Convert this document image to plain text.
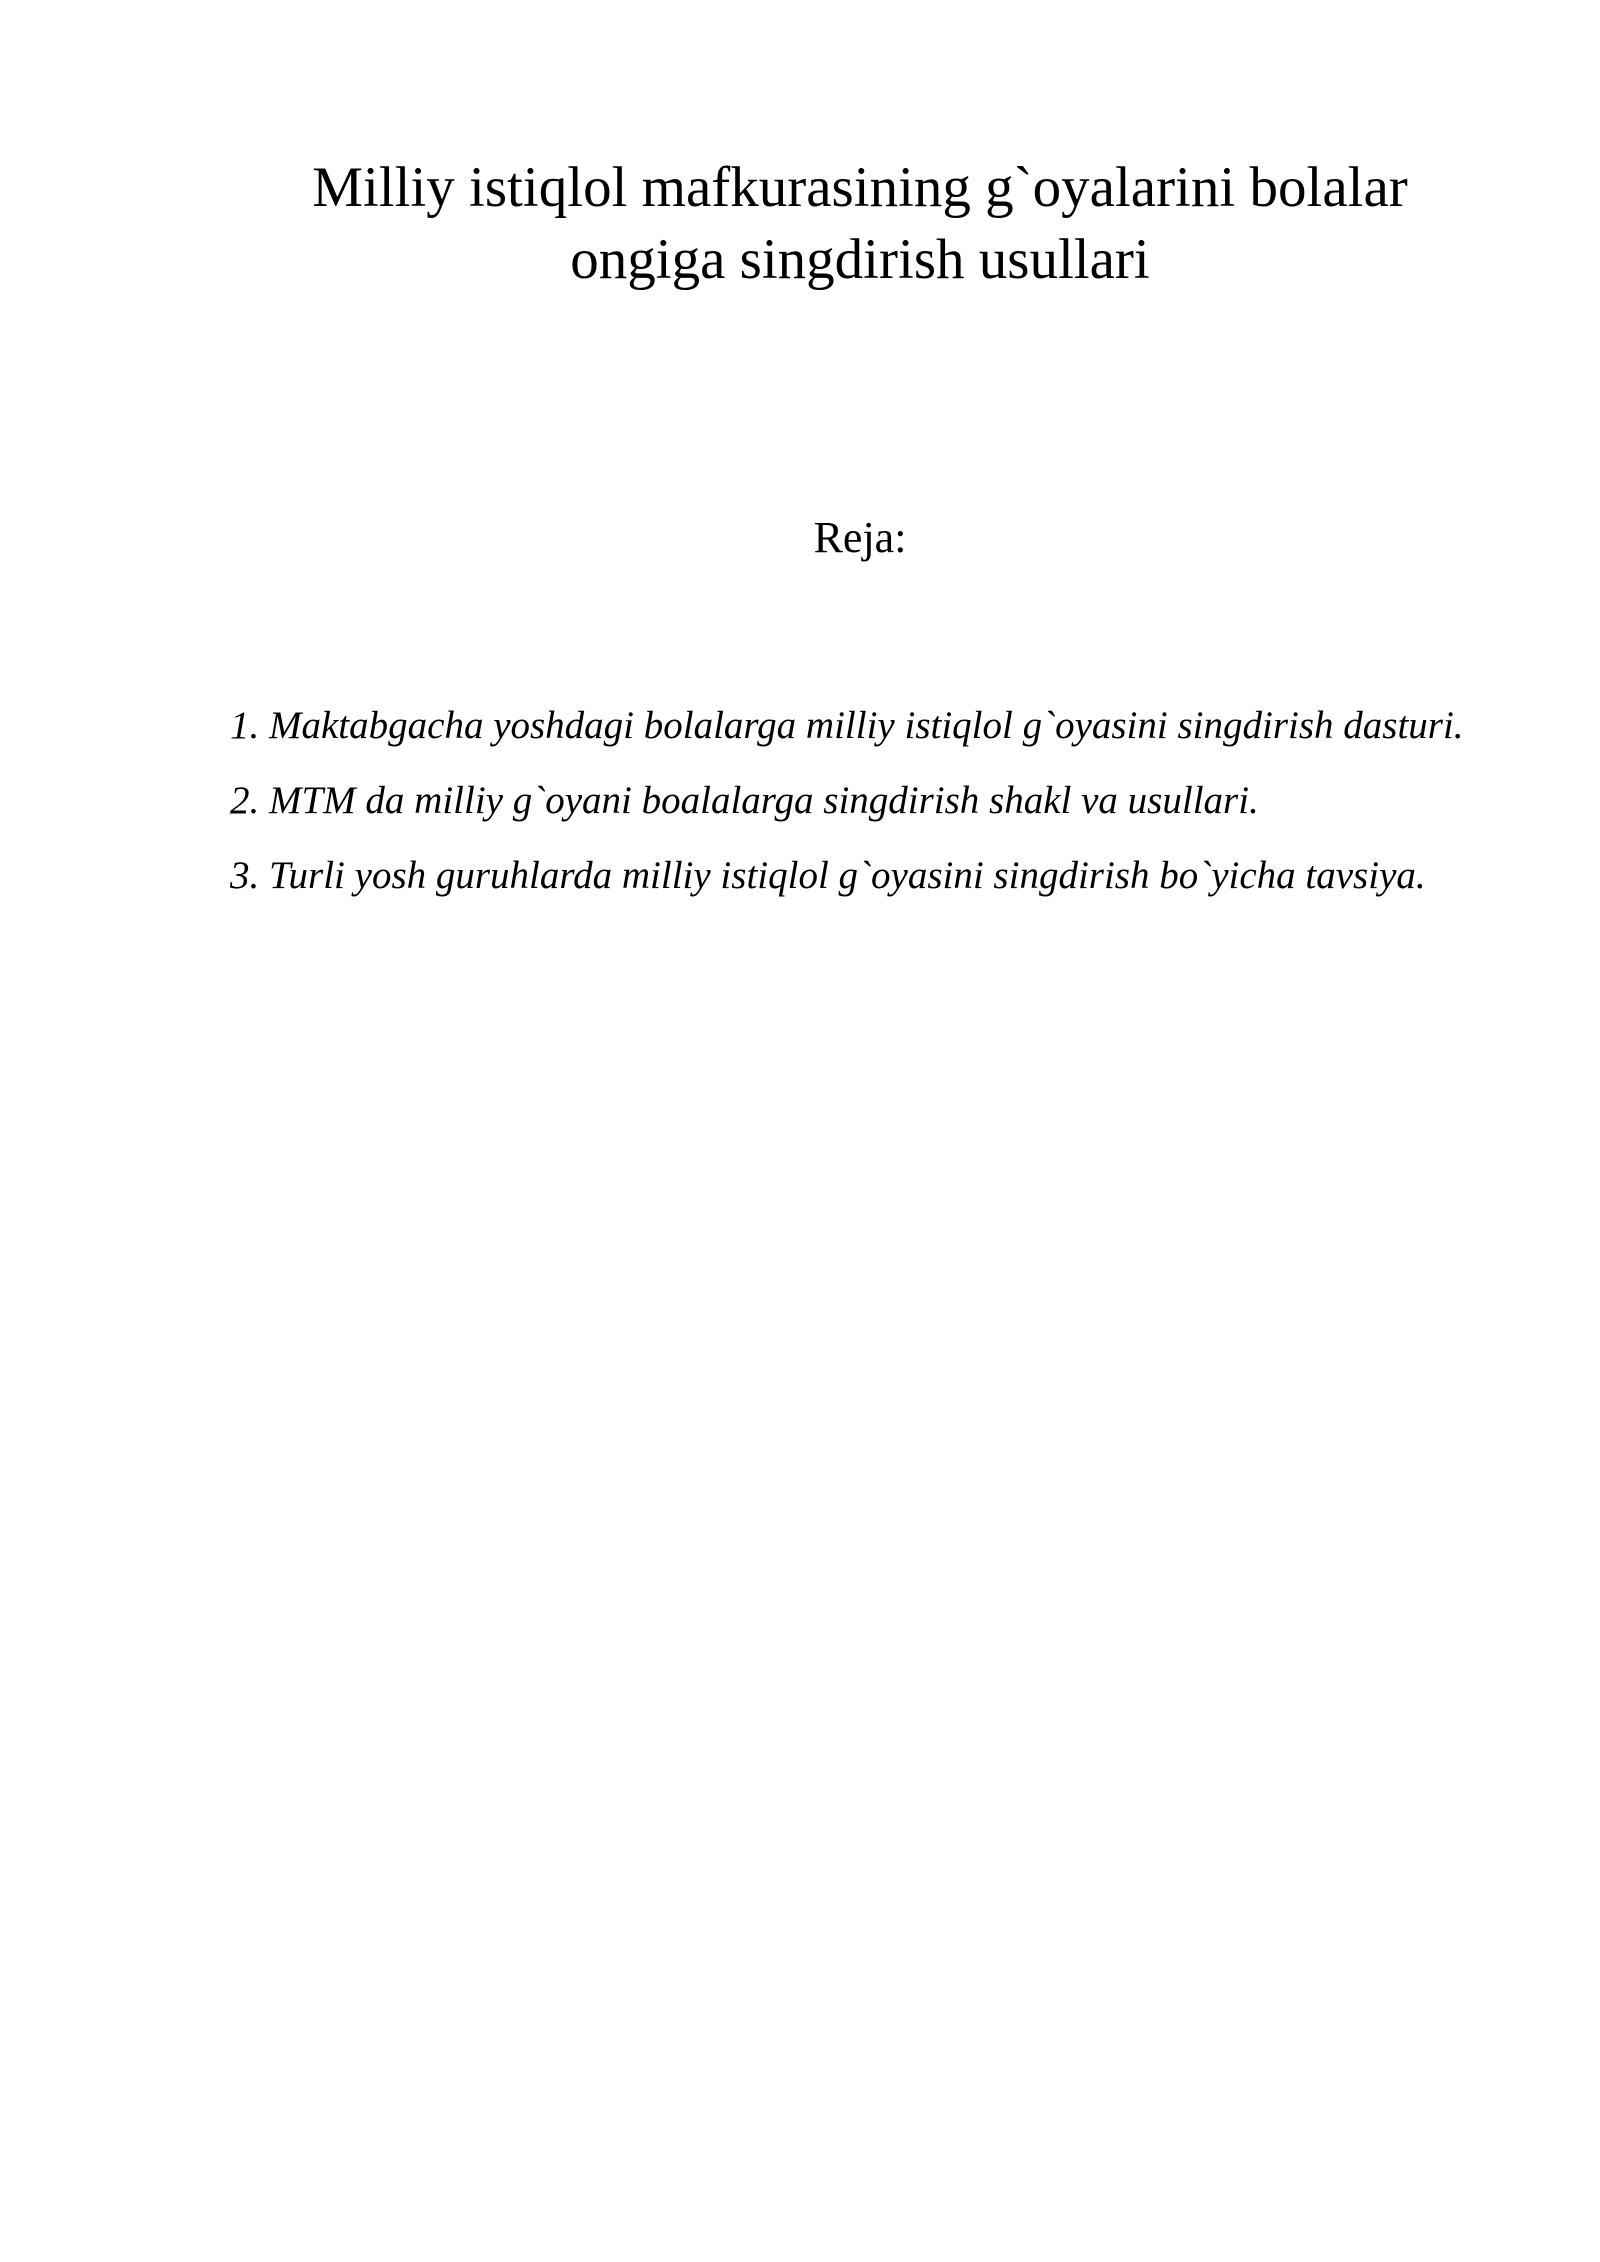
Milliy istiqlol mafkurasining g`oyalarini bolalar
ongiga singdirish usullari

Reja:

1. Maktabgacha yoshdagi bolalarga milliy istiqlol g`oyasini singdirish dasturi.
2. MTM da milliy g`oyani boalalarga singdirish shakl va usullari.
3. Turli yosh guruhlarda milliy istiqlol g`oyasini singdirish bo`yicha tavsiya.
